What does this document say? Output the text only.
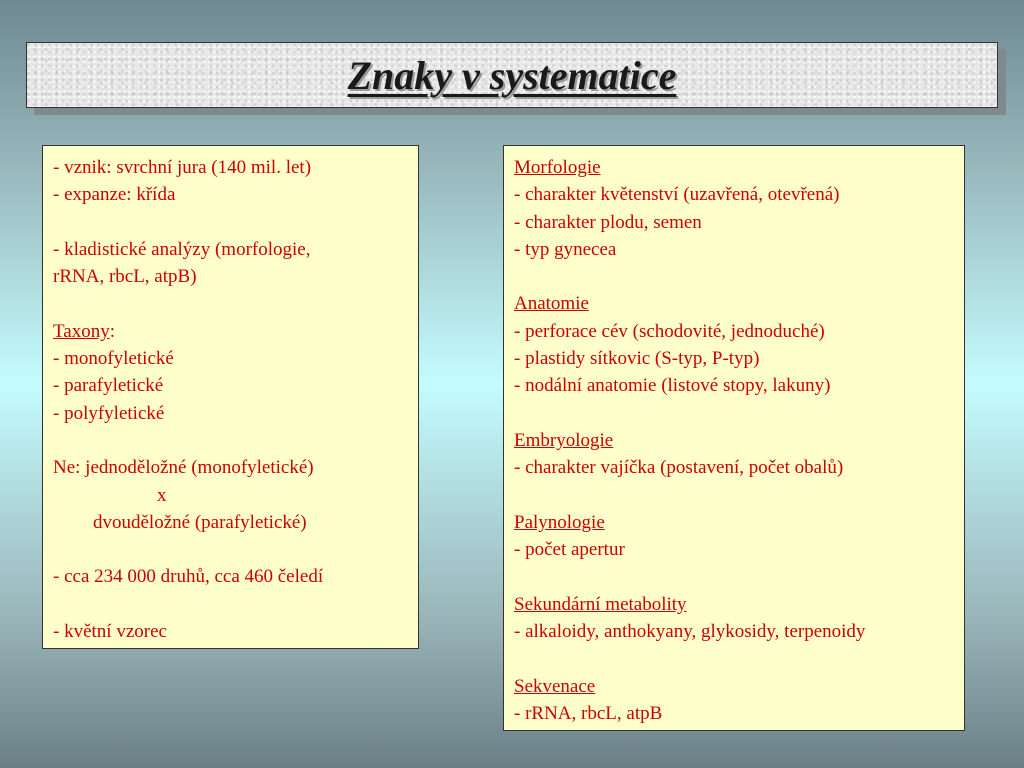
Znaky v systematice
- vznik: svrchní jura (140 mil. let)
- expanze: křída
- kladistické analýzy (morfologie,
rRNA, rbcL, atpB)
Taxony:
- monofyletické
- parafyletické
- polyfyletické
Ne: jednoděložné (monofyletické)
x
dvouděložné (parafyletické)
- cca 234 000 druhů, cca 460 čeledí
- květní vzorec
Morfologie
- charakter květenství (uzavřená, otevřená)
- charakter plodu, semen
- typ gynecea
Anatomie
- perforace cév (schodovité, jednoduché)
- plastidy sítkovic (S-typ, P-typ)
- nodální anatomie (listové stopy, lakuny)
Embryologie
- charakter vajíčka (postavení, počet obalů)
Palynologie
- počet apertur
Sekundární metabolity
- alkaloidy, anthokyany, glykosidy, terpenoidy
Sekvenace
- rRNA, rbcL, atpB
